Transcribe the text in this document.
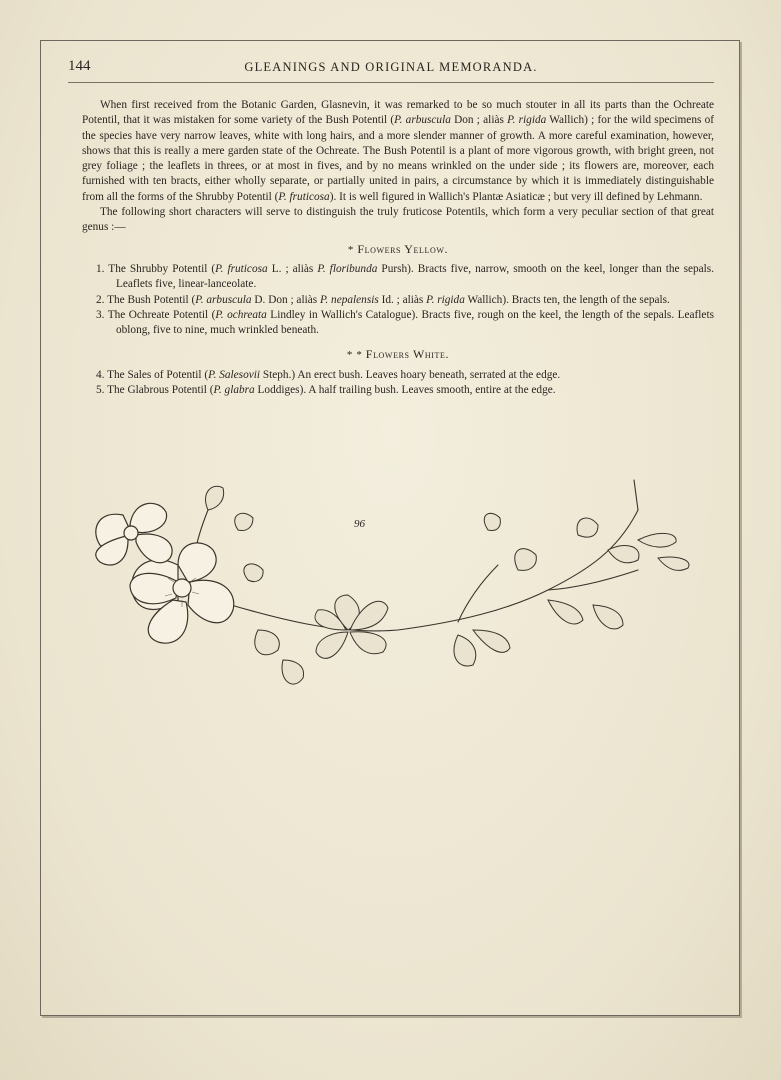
144	GLEANINGS AND ORIGINAL MEMORANDA.

When first received from the Botanic Garden, Glasnevin, it was remarked to be so much stouter in all its parts than the Ochreate Potentil, that it was mistaken for some variety of the Bush Potentil (P. arbuscula Don ; aliàs P. rigida Wallich) ; for the wild specimens of the species have very narrow leaves, white with long hairs, and a more slender manner of growth. A more careful examination, however, shows that this is really a mere garden state of the Ochreate. The Bush Potentil is a plant of more vigorous growth, with bright green, not grey foliage ; the leaflets in threes, or at most in fives, and by no means wrinkled on the under side ; its flowers are, moreover, each furnished with ten bracts, either wholly separate, or partially united in pairs, a circumstance by which it is immediately distinguishable from all the forms of the Shrubby Potentil (P. fruticosa). It is well figured in Wallich's Plantæ Asiaticæ ; but very ill defined by Lehmann.

The following short characters will serve to distinguish the truly fruticose Potentils, which form a very peculiar section of that great genus :—

* Flowers Yellow.
1. The Shrubby Potentil (P. fruticosa L. ; aliàs P. floribunda Pursh). Bracts five, narrow, smooth on the keel, longer than the sepals. Leaflets five, linear-lanceolate.
2. The Bush Potentil (P. arbuscula D. Don ; aliàs P. nepalensis Id. ; aliàs P. rigida Wallich). Bracts ten, the length of the sepals.
3. The Ochreate Potentil (P. ochreata Lindley in Wallich's Catalogue). Bracts five, rough on the keel, the length of the sepals. Leaflets oblong, five to nine, much wrinkled beneath.
* * Flowers White.
4. The Sales of Potentil (P. Salesovii Steph.) An erect bush. Leaves hoary beneath, serrated at the edge.
5. The Glabrous Potentil (P. glabra Loddiges). A half trailing bush. Leaves smooth, entire at the edge.
96
